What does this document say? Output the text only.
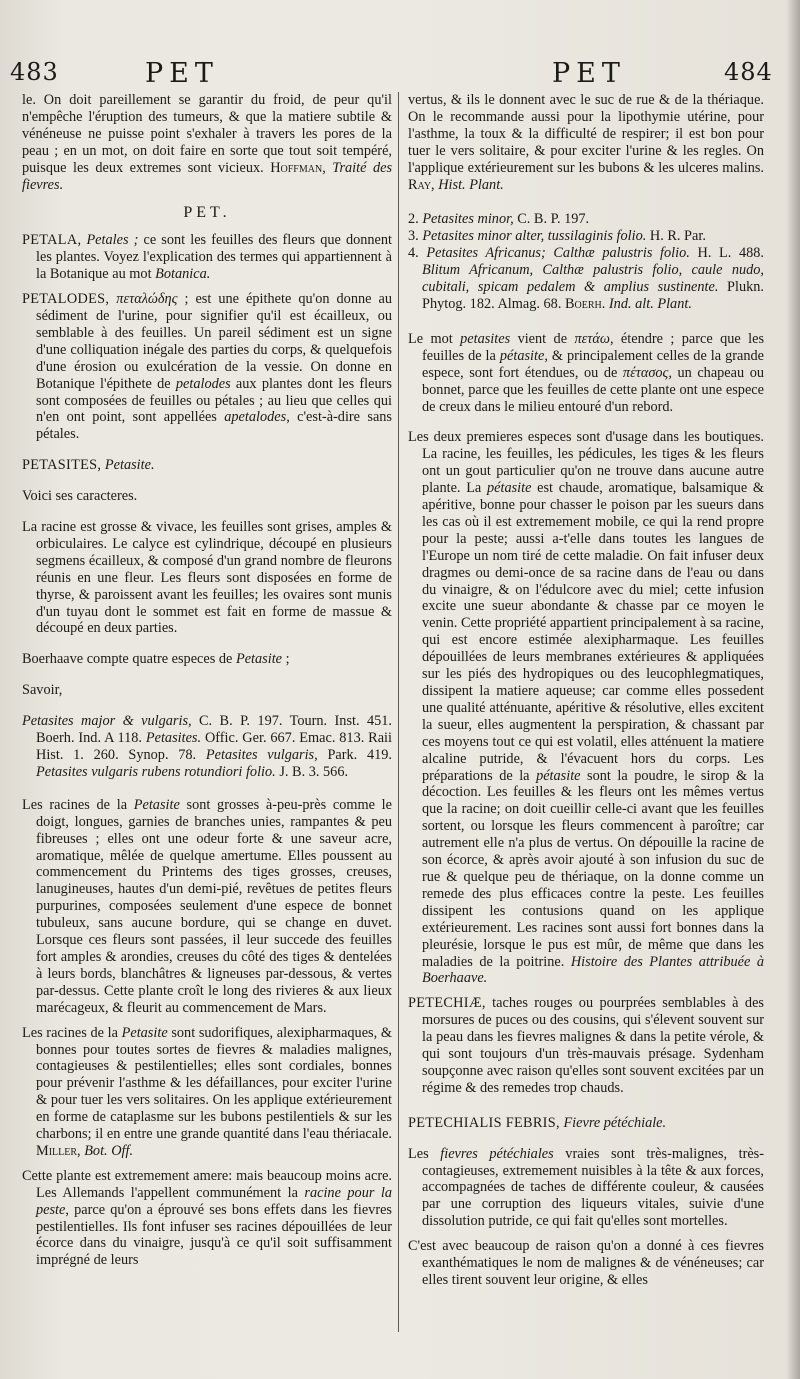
483	PET	PET	484

le. On doit pareillement se garantir du froid, de peur qu'il n'empêche l'éruption des tumeurs, & que la matiere subtile & vénéneuse ne puisse point s'exhaler à travers les pores de la peau ; en un mot, on doit faire en sorte que tout soit tempéré, puisque les deux extremes sont vicieux. Hoffman, Traité des fievres.

PET.

PETALA, Petales ; ce sont les feuilles des fleurs que donnent les plantes. Voyez l'explication des termes qui appartiennent à la Botanique au mot Botanica.

PETALODES, πεταλώδης ; est une épithete qu'on donne au sédiment de l'urine, pour signifier qu'il est écailleux, ou semblable à des feuilles. Un pareil sédiment est un signe d'une colliquation inégale des parties du corps, & quelquefois d'une érosion ou exulcération de la vessie. On donne en Botanique l'épithete de petalodes aux plantes dont les fleurs sont composées de feuilles ou pétales ; au lieu que celles qui n'en ont point, sont appellées apetalodes, c'est-à-dire sans pétales.

PETASITES, Petasite.

Voici ses caracteres.

La racine est grosse & vivace, les feuilles sont grises, amples & orbiculaires. Le calyce est cylindrique, découpé en plusieurs segmens écailleux, & composé d'un grand nombre de fleurons réunis en une fleur. Les fleurs sont disposées en forme de thyrse, & paroissent avant les feuilles; les ovaires sont munis d'un tuyau dont le sommet est fait en forme de massue & découpé en deux parties.

Boerhaave compte quatre especes de Petasite ;

Savoir,

Petasites major & vulgaris, C. B. P. 197. Tourn. Inst. 451. Boerh. Ind. A 118. Petasites. Offic. Ger. 667. Emac. 813. Raii Hist. 1. 260. Synop. 78. Petasites vulgaris, Park. 419. Petasites vulgaris rubens rotundiori folio. J. B. 3. 566.

Les racines de la Petasite sont grosses à-peu-près comme le doigt, longues, garnies de branches unies, rampantes & peu fibreuses ; elles ont une odeur forte & une saveur acre, aromatique, mêlée de quelque amertume. Elles poussent au commencement du Printems des tiges grosses, creuses, lanugineuses, hautes d'un demi-pié, revêtues de petites fleurs purpurines, composées seulement d'une espece de bonnet tubuleux, sans aucune bordure, qui se change en duvet. Lorsque ces fleurs sont passées, il leur succede des feuilles fort amples & arondies, creuses du côté des tiges & dentelées à leurs bords, blanchâtres & ligneuses par-dessous, & vertes par-dessus. Cette plante croît le long des rivieres & aux lieux marécageux, & fleurit au commencement de Mars.

Les racines de la Petasite sont sudorifiques, alexipharmaques, & bonnes pour toutes sortes de fievres & maladies malignes, contagieuses & pestilentielles; elles sont cordiales, bonnes pour prévenir l'asthme & les défaillances, pour exciter l'urine & pour tuer les vers solitaires. On les applique extérieurement en forme de cataplasme sur les bubons pestilentiels & sur les charbons; il en entre une grande quantité dans l'eau thériacale. Miller, Bot. Off.

Cette plante est extremement amere: mais beaucoup moins acre. Les Allemands l'appellent communément la racine pour la peste, parce qu'on a éprouvé ses bons effets dans les fievres pestilentielles. Ils font infuser ses racines dépouillées de leur écorce dans du vinaigre, jusqu'à ce qu'il soit suffisamment imprégné de leurs

vertus, & ils le donnent avec le suc de rue & de la thériaque. On le recommande aussi pour la lipothymie utérine, pour l'asthme, la toux & la difficulté de respirer; il est bon pour tuer le vers solitaire, & pour exciter l'urine & les regles. On l'applique extérieurement sur les bubons & les ulceres malins. Ray, Hist. Plant.

2. Petasites minor, C. B. P. 197.

3. Petasites minor alter, tussilaginis folio. H. R. Par.

4. Petasites Africanus; Calthæ palustris folio. H. L. 488. Blitum Africanum, Calthæ palustris folio, caule nudo, cubitali, spicam pedalem & amplius sustinente. Plukn. Phytog. 182. Almag. 68. Boerh. Ind. alt. Plant.

Le mot petasites vient de πετάω, étendre ; parce que les feuilles de la pétasite, & principalement celles de la grande espece, sont fort étendues, ou de πέτασος, un chapeau ou bonnet, parce que les feuilles de cette plante ont une espece de creux dans le milieu entouré d'un rebord.

Les deux premieres especes sont d'usage dans les boutiques. La racine, les feuilles, les pédicules, les tiges & les fleurs ont un gout particulier qu'on ne trouve dans aucune autre plante. La pétasite est chaude, aromatique, balsamique & apéritive, bonne pour chasser le poison par les sueurs dans les cas où il est extremement mobile, ce qui la rend propre pour la peste; aussi a-t'elle dans toutes les langues de l'Europe un nom tiré de cette maladie. On fait infuser deux dragmes ou demi-once de sa racine dans de l'eau ou dans du vinaigre, & on l'édulcore avec du miel; cette infusion excite une sueur abondante & chasse par ce moyen le venin. Cette propriété appartient principalement à sa racine, qui est encore estimée alexipharmaque. Les feuilles dépouillées de leurs membranes extérieures & appliquées sur les piés des hydropiques ou des leucophlegmatiques, dissipent la matiere aqueuse; car comme elles possedent une qualité atténuante, apéritive & résolutive, elles excitent la sueur, elles augmentent la perspiration, & chassant par ces moyens tout ce qui est volatil, elles atténuent la matiere alcaline putride, & l'évacuent hors du corps. Les préparations de la pétasite sont la poudre, le sirop & la décoction. Les feuilles & les fleurs ont les mêmes vertus que la racine; on doit cueillir celle-ci avant que les feuilles sortent, ou lorsque les fleurs commencent à paroître; car autrement elle n'a plus de vertus. On dépouille la racine de son écorce, & après avoir ajouté à son infusion du suc de rue & quelque peu de thériaque, on la donne comme un remede des plus efficaces contre la peste. Les feuilles dissipent les contusions quand on les applique extérieurement. Les racines sont aussi fort bonnes dans la pleurésie, lorsque le pus est mûr, de même que dans les maladies de la poitrine. Histoire des Plantes attribuée à Boerhaave.

PETECHIÆ, taches rouges ou pourprées semblables à des morsures de puces ou des cousins, qui s'élevent souvent sur la peau dans les fievres malignes & dans la petite vérole, & qui sont toujours d'un très-mauvais présage. Sydenham soupçonne avec raison qu'elles sont souvent excitées par un régime & des remedes trop chauds.

PETECHIALIS FEBRIS, Fievre pétéchiale.

Les fievres pétéchiales vraies sont très-malignes, très-contagieuses, extremement nuisibles à la tête & aux forces, accompagnées de taches de différente couleur, & causées par une corruption des liqueurs vitales, suivie d'une dissolution putride, ce qui fait qu'elles sont mortelles.

C'est avec beaucoup de raison qu'on a donné à ces fievres exanthématiques le nom de malignes & de vénéneuses; car elles tirent souvent leur origine, & elles
